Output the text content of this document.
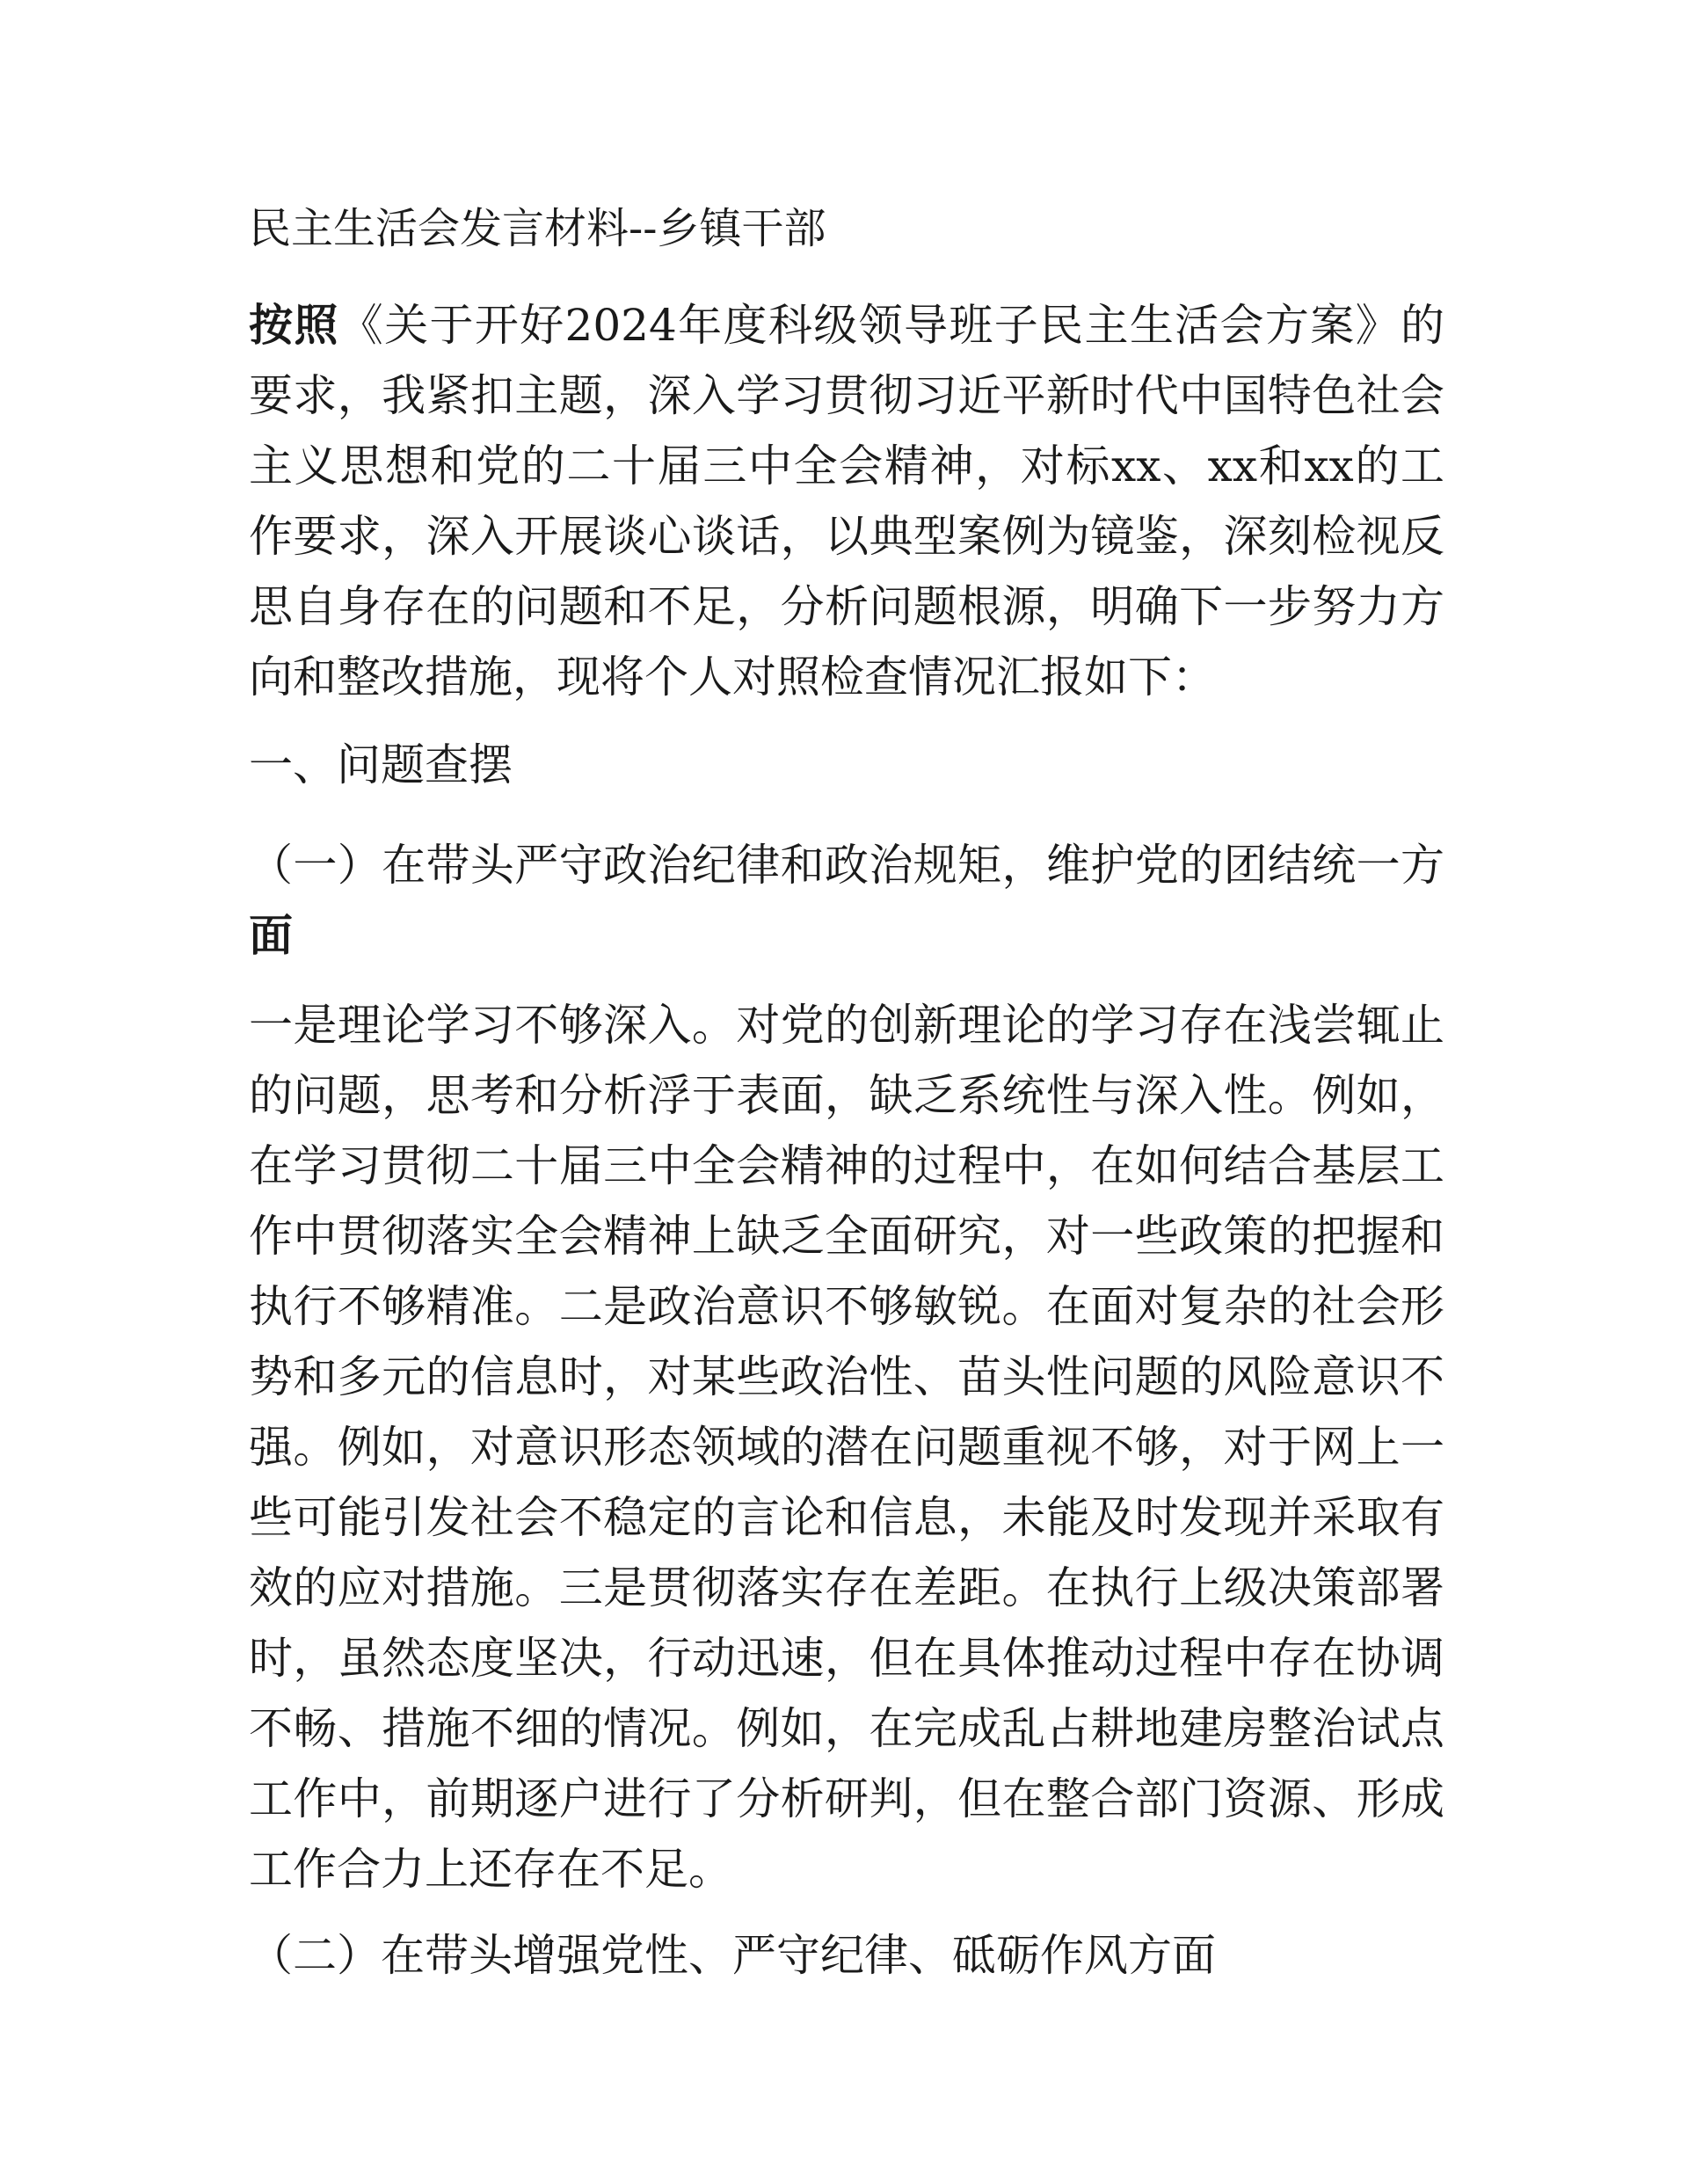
民主生活会发言材料--乡镇干部

按照《关于开好2024年度科级领导班子民主生活会方案》的要求，我紧扣主题，深入学习贯彻习近平新时代中国特色社会主义思想和党的二十届三中全会精神，对标xx、xx和xx的工作要求，深入开展谈心谈话，以典型案例为镜鉴，深刻检视反思自身存在的问题和不足，分析问题根源，明确下一步努力方向和整改措施，现将个人对照检查情况汇报如下：

一、问题查摆

（一）在带头严守政治纪律和政治规矩，维护党的团结统一方面

一是理论学习不够深入。对党的创新理论的学习存在浅尝辄止的问题，思考和分析浮于表面，缺乏系统性与深入性。例如，在学习贯彻二十届三中全会精神的过程中，在如何结合基层工作中贯彻落实全会精神上缺乏全面研究，对一些政策的把握和执行不够精准。二是政治意识不够敏锐。在面对复杂的社会形势和多元的信息时，对某些政治性、苗头性问题的风险意识不强。例如，对意识形态领域的潜在问题重视不够，对于网上一些可能引发社会不稳定的言论和信息，未能及时发现并采取有效的应对措施。三是贯彻落实存在差距。在执行上级决策部署时，虽然态度坚决，行动迅速，但在具体推动过程中存在协调不畅、措施不细的情况。例如，在完成乱占耕地建房整治试点工作中，前期逐户进行了分析研判，但在整合部门资源、形成工作合力上还存在不足。

（二）在带头增强党性、严守纪律、砥砺作风方面
